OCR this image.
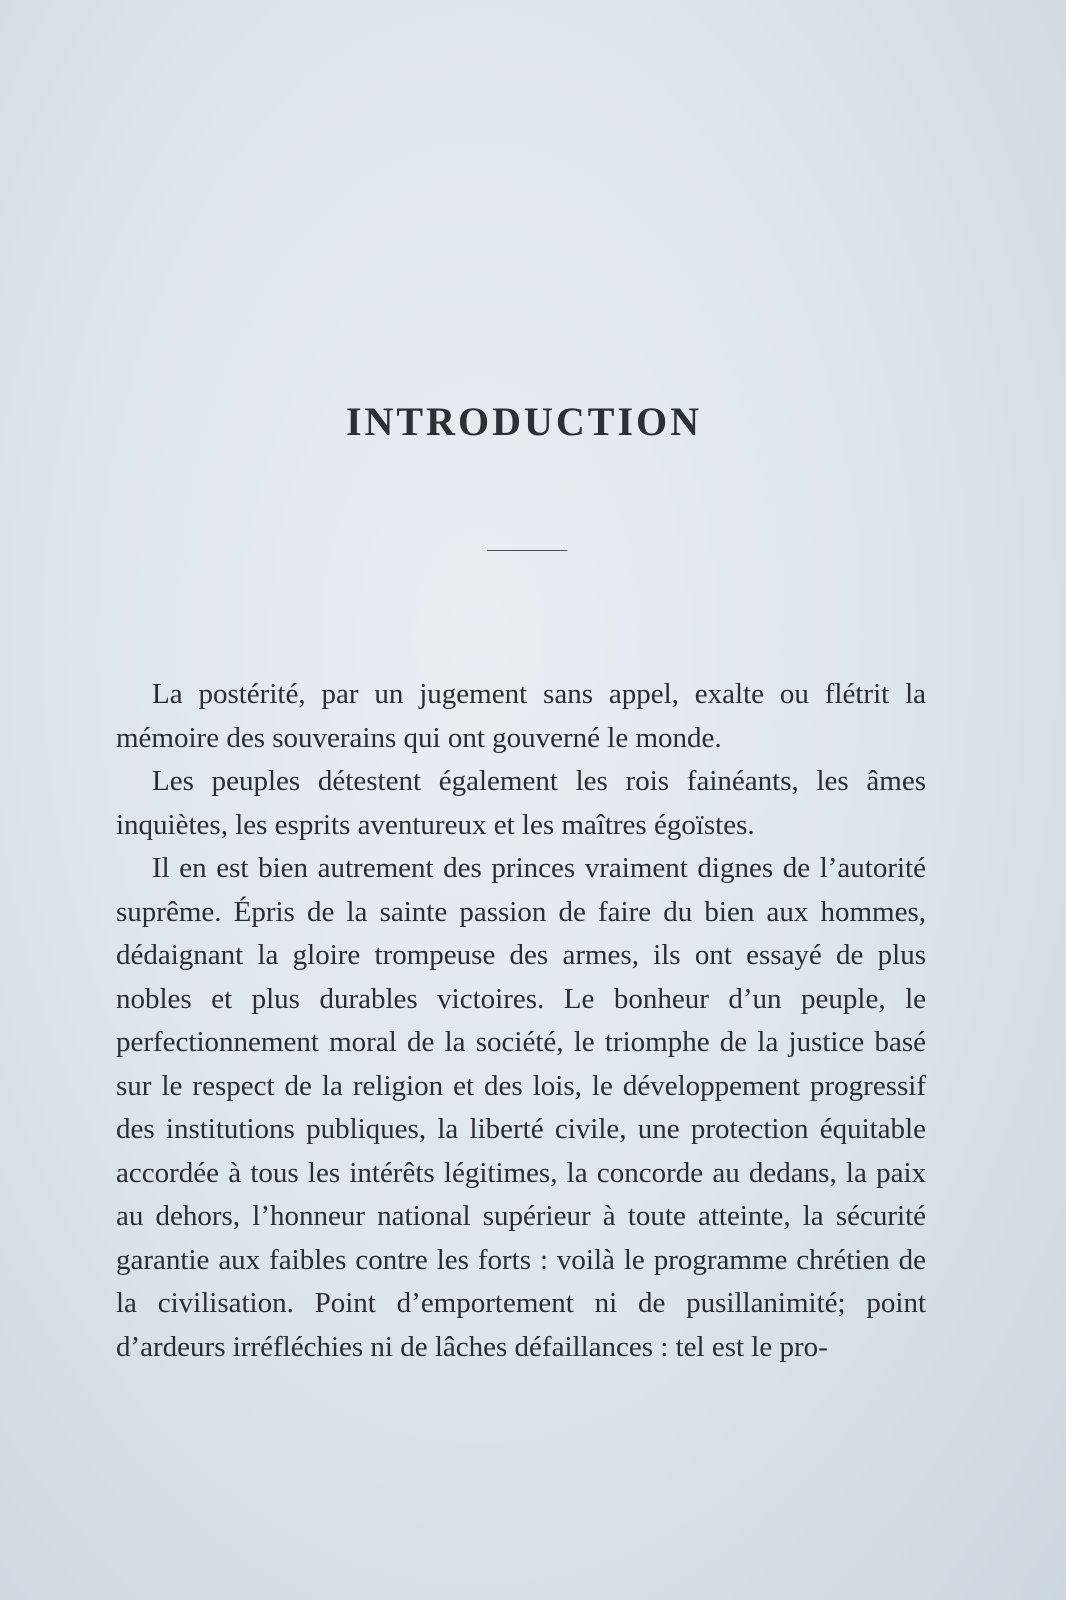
INTRODUCTION

La postérité, par un jugement sans appel, exalte ou flétrit la mémoire des souverains qui ont gouverné le monde.

Les peuples détestent également les rois fainéants, les âmes inquiètes, les esprits aventureux et les maîtres égoïstes.

Il en est bien autrement des princes vraiment dignes de l’autorité suprême. Épris de la sainte passion de faire du bien aux hommes, dédaignant la gloire trompeuse des armes, ils ont essayé de plus nobles et plus durables victoires. Le bonheur d’un peuple, le perfectionnement moral de la société, le triomphe de la justice basé sur le respect de la religion et des lois, le développement progressif des institutions publiques, la liberté civile, une protection équitable accordée à tous les intérêts légitimes, la concorde au dedans, la paix au dehors, l’honneur national supérieur à toute atteinte, la sécurité garantie aux faibles contre les forts : voilà le programme chrétien de la civilisation. Point d’emportement ni de pusillanimité; point d’ardeurs irréfléchies ni de lâches défaillances : tel est le pro-
